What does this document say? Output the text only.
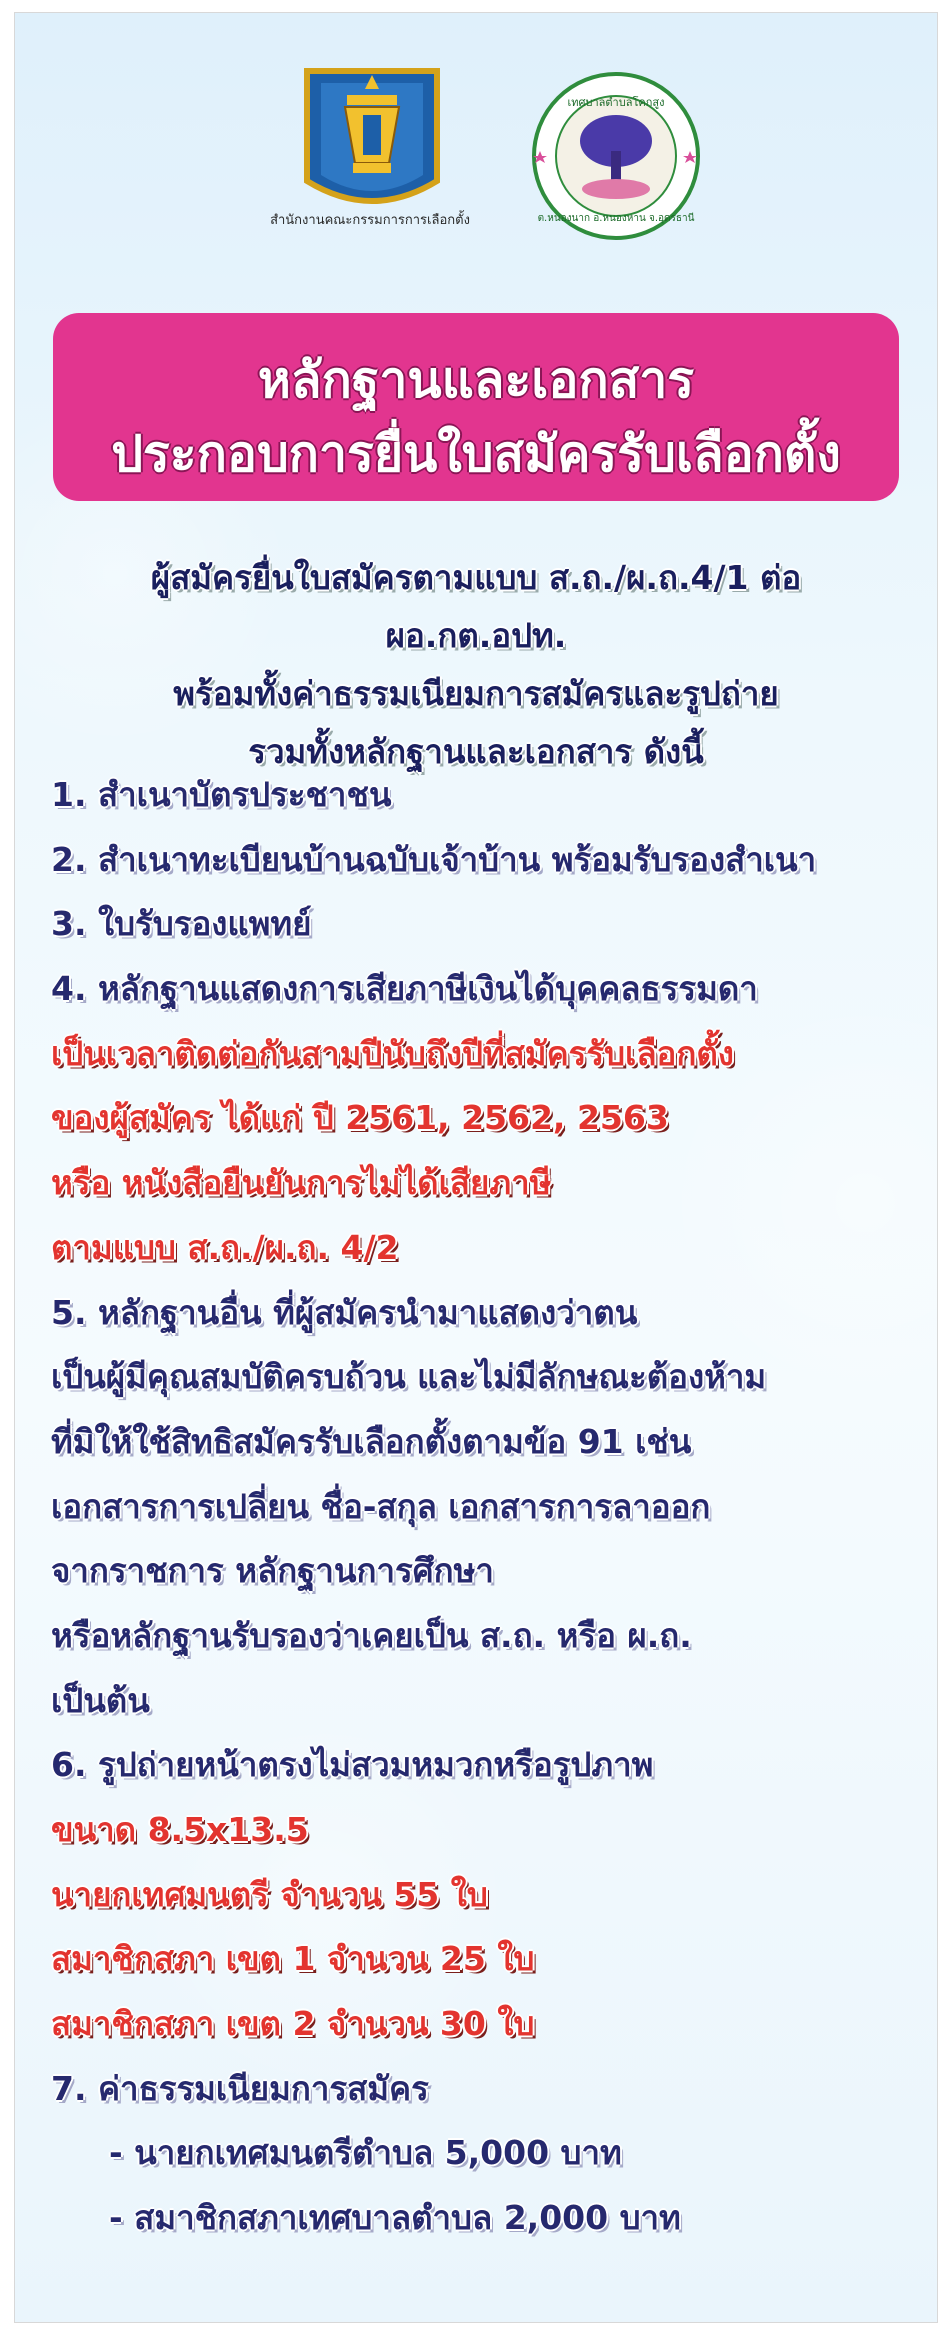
สำนักงานคณะกรรมการการเลือกตั้ง
เทศบาลตำบลโคกสูง
ต.หนองนาก อ.หนองหาน จ.อุดรธานี
หลักฐานและเอกสาร
ประกอบการยื่นใบสมัครรับเลือกตั้ง
ผู้สมัครยื่นใบสมัครตามแบบ ส.ถ./ผ.ถ.4/1 ต่อ ผอ.กต.อปท.
พร้อมทั้งค่าธรรมเนียมการสมัครและรูปถ่าย
รวมทั้งหลักฐานและเอกสาร ดังนี้
1. สำเนาบัตรประชาชน
2. สำเนาทะเบียนบ้านฉบับเจ้าบ้าน พร้อมรับรองสำเนา
3. ใบรับรองแพทย์
4. หลักฐานแสดงการเสียภาษีเงินได้บุคคลธรรมดา
เป็นเวลาติดต่อกันสามปีนับถึงปีที่สมัครรับเลือกตั้ง
ของผู้สมัคร ได้แก่ ปี 2561, 2562, 2563
หรือ หนังสือยืนยันการไม่ได้เสียภาษี
ตามแบบ ส.ถ./ผ.ถ. 4/2
5. หลักฐานอื่น ที่ผู้สมัครนำมาแสดงว่าตน
เป็นผู้มีคุณสมบัติครบถ้วน และไม่มีลักษณะต้องห้าม
ที่มิให้ใช้สิทธิสมัครรับเลือกตั้งตามข้อ 91 เช่น
เอกสารการเปลี่ยน ชื่อ-สกุล เอกสารการลาออก
จากราชการ หลักฐานการศึกษา
หรือหลักฐานรับรองว่าเคยเป็น ส.ถ. หรือ ผ.ถ.
เป็นต้น
6. รูปถ่ายหน้าตรงไม่สวมหมวกหรือรูปภาพ
ขนาด 8.5x13.5
นายกเทศมนตรี จำนวน 55 ใบ
สมาชิกสภา เขต 1 จำนวน 25 ใบ
สมาชิกสภา เขต 2 จำนวน 30 ใบ
7. ค่าธรรมเนียมการสมัคร
- นายกเทศมนตรีตำบล 5,000 บาท
- สมาชิกสภาเทศบาลตำบล 2,000 บาท
